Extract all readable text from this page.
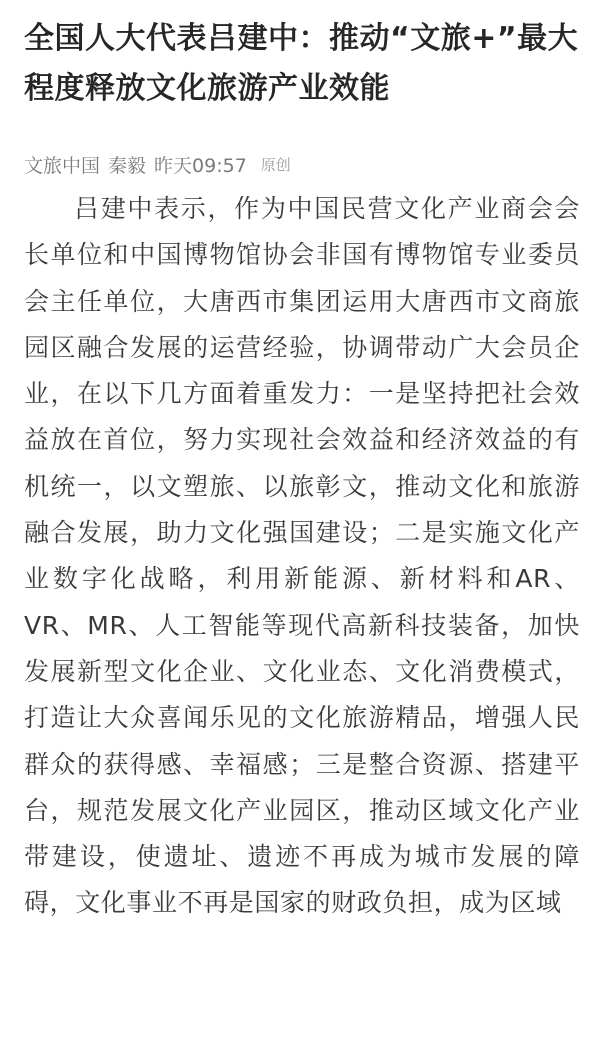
全国人大代表吕建中：推动“文旅+”最大程度释放文化旅游产业效能
文旅中国 秦毅 昨天09:57 原创

吕建中表示，作为中国民营文化产业商会会长单位和中国博物馆协会非国有博物馆专业委员会主任单位，大唐西市集团运用大唐西市文商旅园区融合发展的运营经验，协调带动广大会员企业，在以下几方面着重发力：一是坚持把社会效益放在首位，努力实现社会效益和经济效益的有机统一，以文塑旅、以旅彰文，推动文化和旅游融合发展，助力文化强国建设；二是实施文化产业数字化战略，利用新能源、新材料和AR、VR、MR、人工智能等现代高新科技装备，加快发展新型文化企业、文化业态、文化消费模式，打造让大众喜闻乐见的文化旅游精品，增强人民群众的获得感、幸福感；三是整合资源、搭建平台，规范发展文化产业园区，推动区域文化产业带建设，使遗址、遗迹不再成为城市发展的障碍，文化事业不再是国家的财政负担，成为区域
